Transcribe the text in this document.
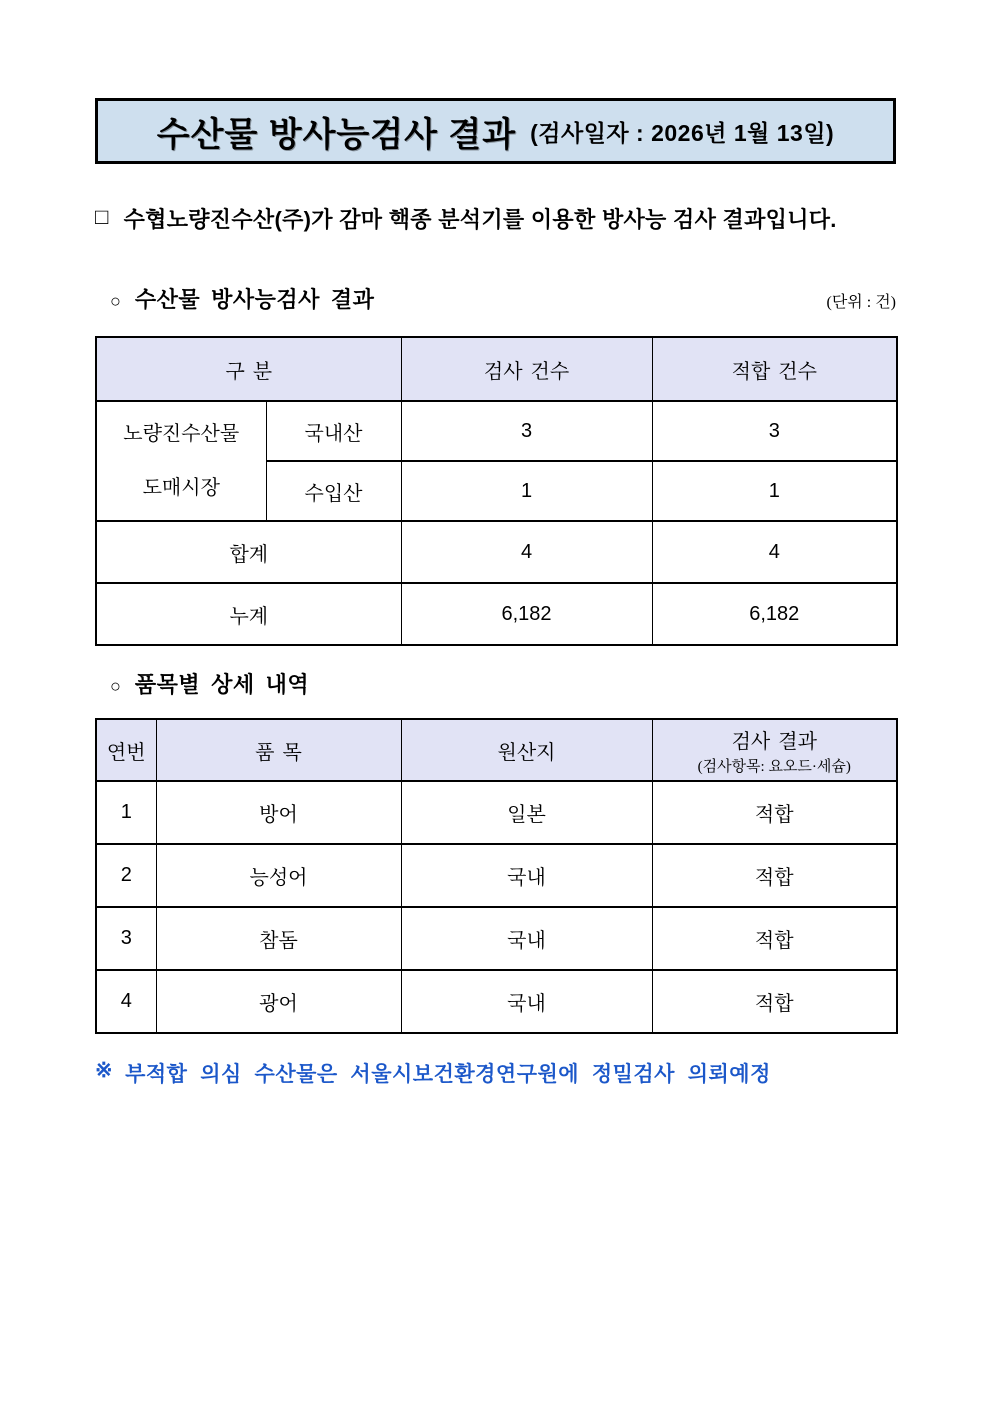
수산물 방사능검사 결과 (검사일자 : 2026년 1월 13일)
□ 수협노량진수산(주)가 감마 핵종 분석기를 이용한 방사능 검사 결과입니다.
○ 수산물 방사능검사 결과	(단위 : 건)
구 분		검사 건수	적합 건수
노량진수산물
도매시장	국내산	3	3
	수입산	1	1
합계		4	4
누계		6,182	6,182
○ 품목별 상세 내역
연번	품 목	원산지	검사 결과
(검사항목: 요오드·세슘)

1	방어	일본	적합
2	능성어	국내	적합
3	참돔	국내	적합
4	광어	국내	적합
※ 부적합 의심 수산물은 서울시보건환경연구원에 정밀검사 의뢰예정
